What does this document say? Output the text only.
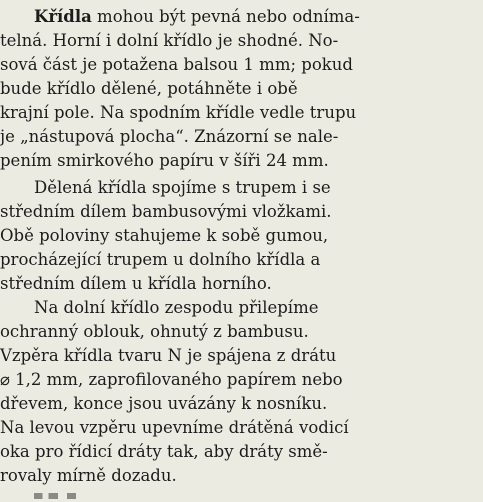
Křídla mohou být pevná nebo odníma-
telná. Horní i dolní křídlo je shodné. No-
sová část je potažena balsou 1 mm; pokud
bude křídlo dělené, potáhněte i obě
krajní pole. Na spodním křídle vedle trupu
je „nástupová plocha“. Znázorní se nale-
pením smirkového papíru v šíři 24 mm.
Dělená křídla spojíme s trupem i se
středním dílem bambusovými vložkami.
Obě poloviny stahujeme k sobě gumou,
procházející trupem u dolního křídla a
středním dílem u křídla horního.
Na dolní křídlo zespodu přilepíme
ochranný oblouk, ohnutý z bambusu.
Vzpěra křídla tvaru N je spájena z drátu
⌀ 1,2 mm, zaprofilovaného papírem nebo
dřevem, konce jsou uvázány k nosníku.
Na levou vzpěru upevníme drátěná vodicí
oka pro řídicí dráty tak, aby dráty smě-
rovaly mírně dozadu.
